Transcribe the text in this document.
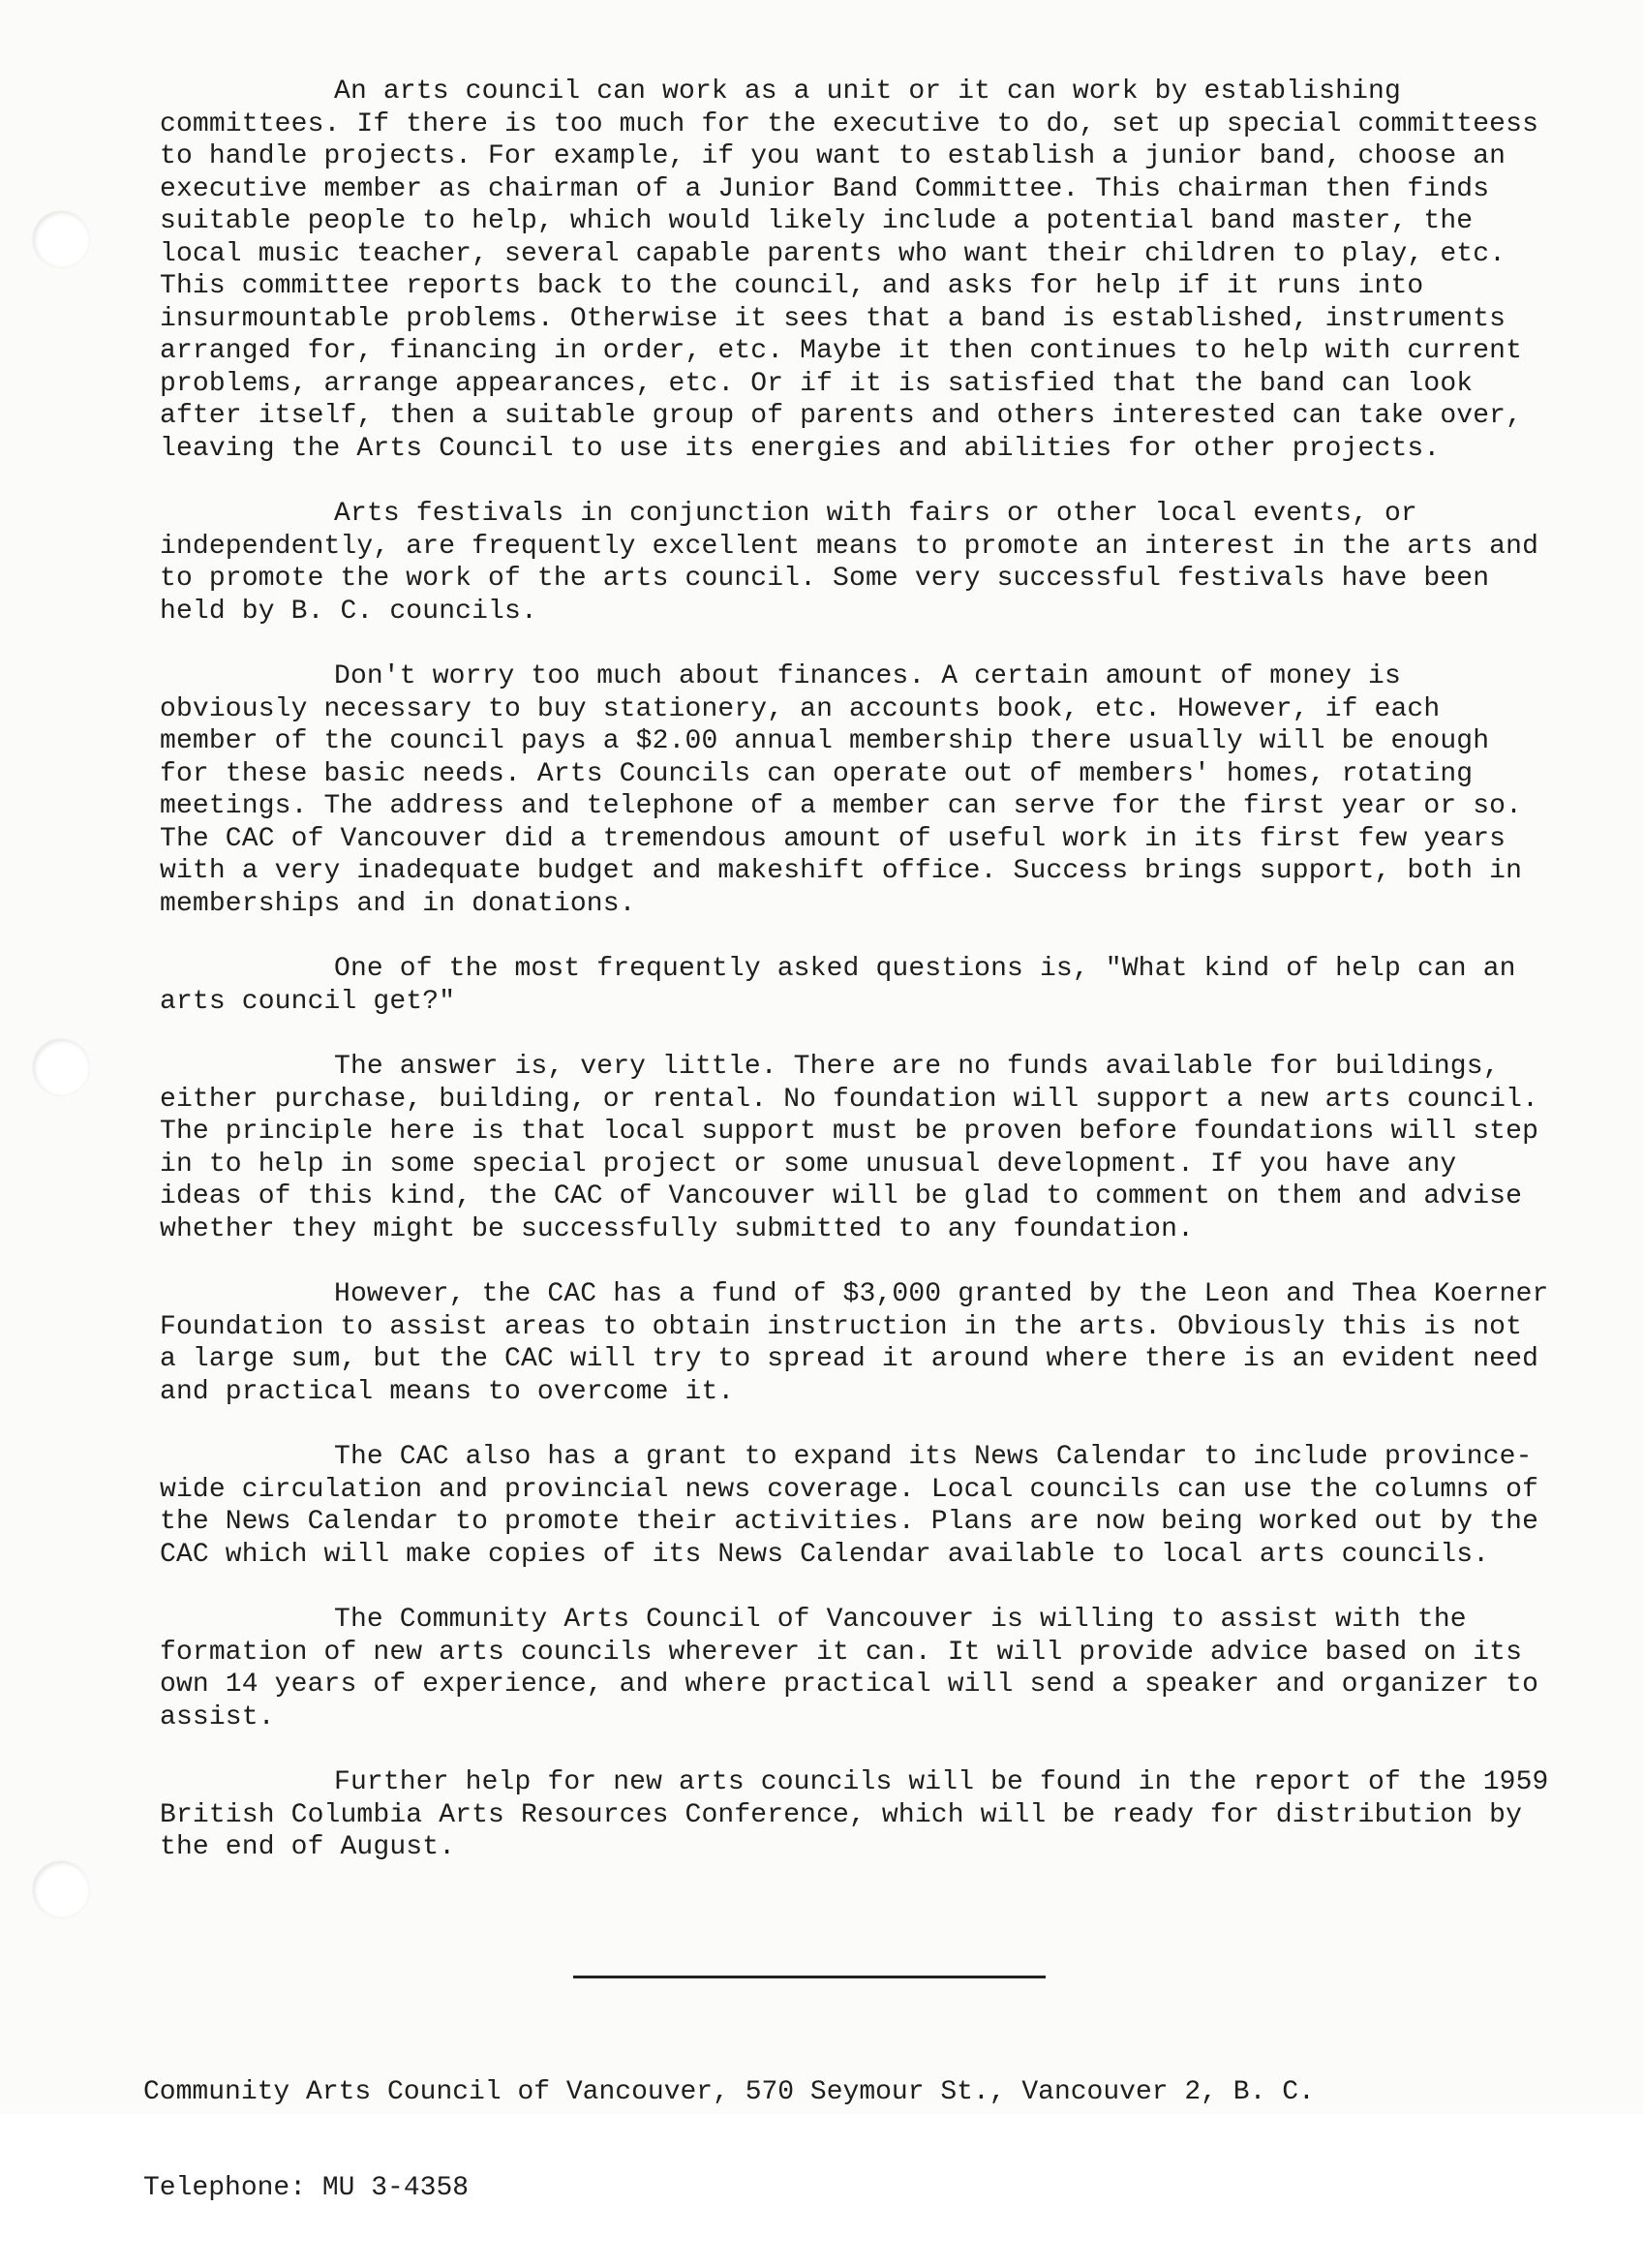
An arts council can work as a unit or it can work by establishing committees. If there is too much for the executive to do, set up special committeess to handle projects. For example, if you want to establish a junior band, choose an executive member as chairman of a Junior Band Committee. This chairman then finds suitable people to help, which would likely include a potential band master, the local music teacher, several capable parents who want their children to play, etc. This committee reports back to the council, and asks for help if it runs into insurmountable problems. Otherwise it sees that a band is established, instruments arranged for, financing in order, etc. Maybe it then continues to help with current problems, arrange appearances, etc. Or if it is satisfied that the band can look after itself, then a suitable group of parents and others interested can take over, leaving the Arts Council to use its energies and abilities for other projects.

Arts festivals in conjunction with fairs or other local events, or independently, are frequently excellent means to promote an interest in the arts and to promote the work of the arts council. Some very successful festivals have been held by B. C. councils.

Don't worry too much about finances. A certain amount of money is obviously necessary to buy stationery, an accounts book, etc. However, if each member of the council pays a $2.00 annual membership there usually will be enough for these basic needs. Arts Councils can operate out of members' homes, rotating meetings. The address and telephone of a member can serve for the first year or so. The CAC of Vancouver did a tremendous amount of useful work in its first few years with a very inadequate budget and makeshift office. Success brings support, both in memberships and in donations.

One of the most frequently asked questions is, "What kind of help can an arts council get?"

The answer is, very little. There are no funds available for buildings, either purchase, building, or rental. No foundation will support a new arts council. The principle here is that local support must be proven before foundations will step in to help in some special project or some unusual development. If you have any ideas of this kind, the CAC of Vancouver will be glad to comment on them and advise whether they might be successfully submitted to any foundation.

However, the CAC has a fund of $3,000 granted by the Leon and Thea Koerner Foundation to assist areas to obtain instruction in the arts. Obviously this is not a large sum, but the CAC will try to spread it around where there is an evident need and practical means to overcome it.

The CAC also has a grant to expand its News Calendar to include province-wide circulation and provincial news coverage. Local councils can use the columns of the News Calendar to promote their activities. Plans are now being worked out by the CAC which will make copies of its News Calendar available to local arts councils.

The Community Arts Council of Vancouver is willing to assist with the formation of new arts councils wherever it can. It will provide advice based on its own 14 years of experience, and where practical will send a speaker and organizer to assist.

Further help for new arts councils will be found in the report of the 1959 British Columbia Arts Resources Conference, which will be ready for distribution by the end of August.

Community Arts Council of Vancouver, 570 Seymour St., Vancouver 2, B. C.

Telephone: MU 3-4358
